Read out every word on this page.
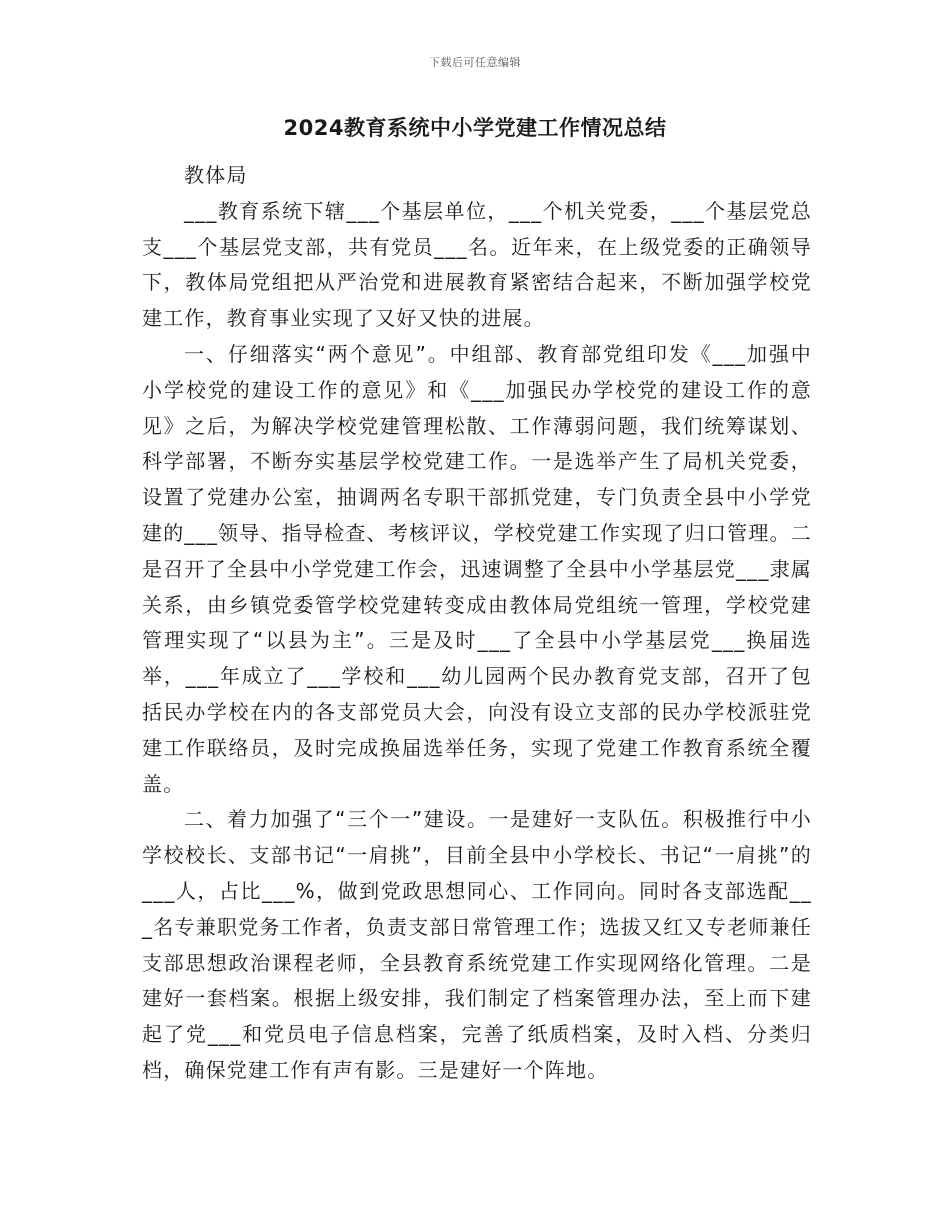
下载后可任意编辑
2024教育系统中小学党建工作情况总结

教体局

___教育系统下辖___个基层单位，___个机关党委，___个基层党总支___个基层党支部，共有党员___名。近年来，在上级党委的正确领导下，教体局党组把从严治党和进展教育紧密结合起来，不断加强学校党建工作，教育事业实现了又好又快的进展。

一、仔细落实“两个意见”。中组部、教育部党组印发《___加强中小学校党的建设工作的意见》和《___加强民办学校党的建设工作的意见》之后，为解决学校党建管理松散、工作薄弱问题，我们统筹谋划、科学部署，不断夯实基层学校党建工作。一是选举产生了局机关党委，设置了党建办公室，抽调两名专职干部抓党建，专门负责全县中小学党建的___领导、指导检查、考核评议，学校党建工作实现了归口管理。二是召开了全县中小学党建工作会，迅速调整了全县中小学基层党___隶属关系，由乡镇党委管学校党建转变成由教体局党组统一管理，学校党建管理实现了“以县为主”。三是及时___了全县中小学基层党___换届选举，___年成立了___学校和___幼儿园两个民办教育党支部，召开了包括民办学校在内的各支部党员大会，向没有设立支部的民办学校派驻党建工作联络员，及时完成换届选举任务，实现了党建工作教育系统全覆盖。

二、着力加强了“三个一”建设。一是建好一支队伍。积极推行中小学校校长、支部书记“一肩挑”，目前全县中小学校长、书记“一肩挑”的___人，占比___%，做到党政思想同心、工作同向。同时各支部选配___名专兼职党务工作者，负责支部日常管理工作；选拔又红又专老师兼任支部思想政治课程老师，全县教育系统党建工作实现网络化管理。二是建好一套档案。根据上级安排，我们制定了档案管理办法，至上而下建起了党___和党员电子信息档案，完善了纸质档案，及时入档、分类归档，确保党建工作有声有影。三是建好一个阵地。
